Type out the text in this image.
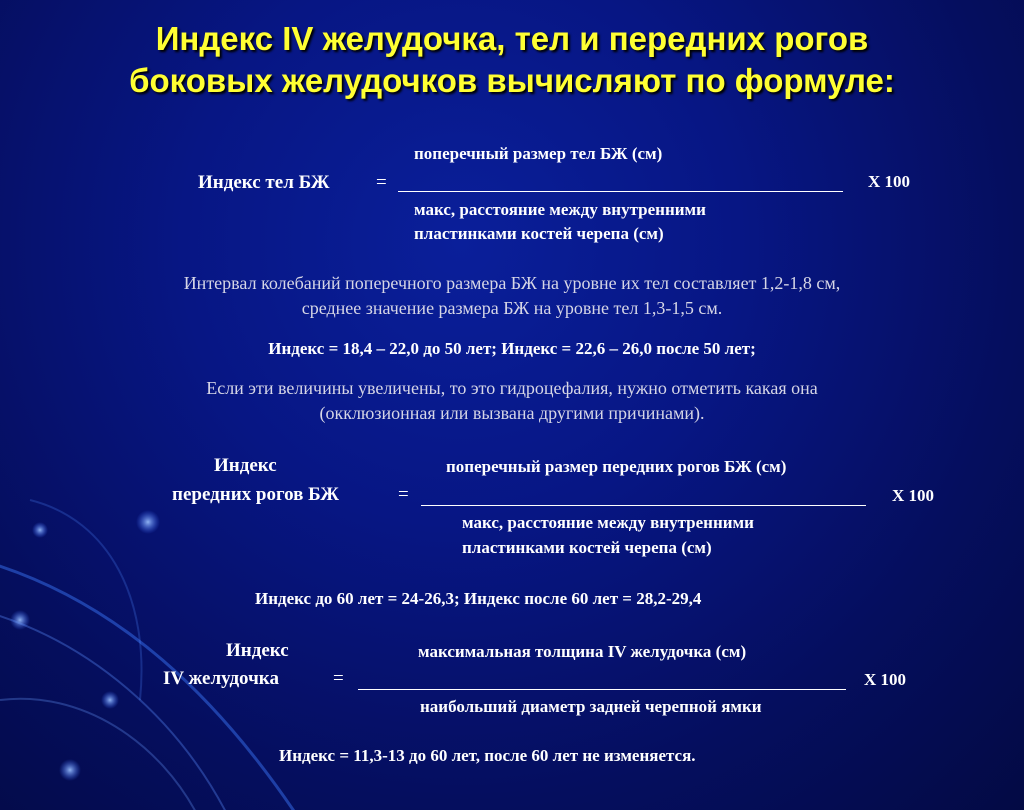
Индекс IV желудочка, тел и передних рогов
боковых желудочков вычисляют по формуле:
поперечный размер тел БЖ (см)
Индекс тел БЖ =	Х 100
макс, расстояние между внутренними
пластинками костей черепа (см)
Интервал колебаний поперечного размера БЖ на уровне их тел составляет 1,2-1,8 см,
среднее значение размера БЖ на уровне тел 1,3-1,5 см.
Индекс = 18,4 – 22,0 до 50 лет; Индекс = 22,6 – 26,0 после 50 лет;
Если эти величины увеличены, то это гидроцефалия, нужно отметить какая она
(окклюзионная или вызвана другими причинами).
Индекс	поперечный размер передних рогов БЖ (см)
передних рогов БЖ	=	Х 100
макс, расстояние между внутренними
пластинками костей черепа (см)
Индекс до 60 лет = 24-26,3; Индекс после 60 лет = 28,2-29,4
Индекс	максимальная толщина IV желудочка (см)
IV желудочка	=	Х 100
наибольший диаметр задней черепной ямки
Индекс = 11,3-13 до 60 лет, после 60 лет не изменяется.
